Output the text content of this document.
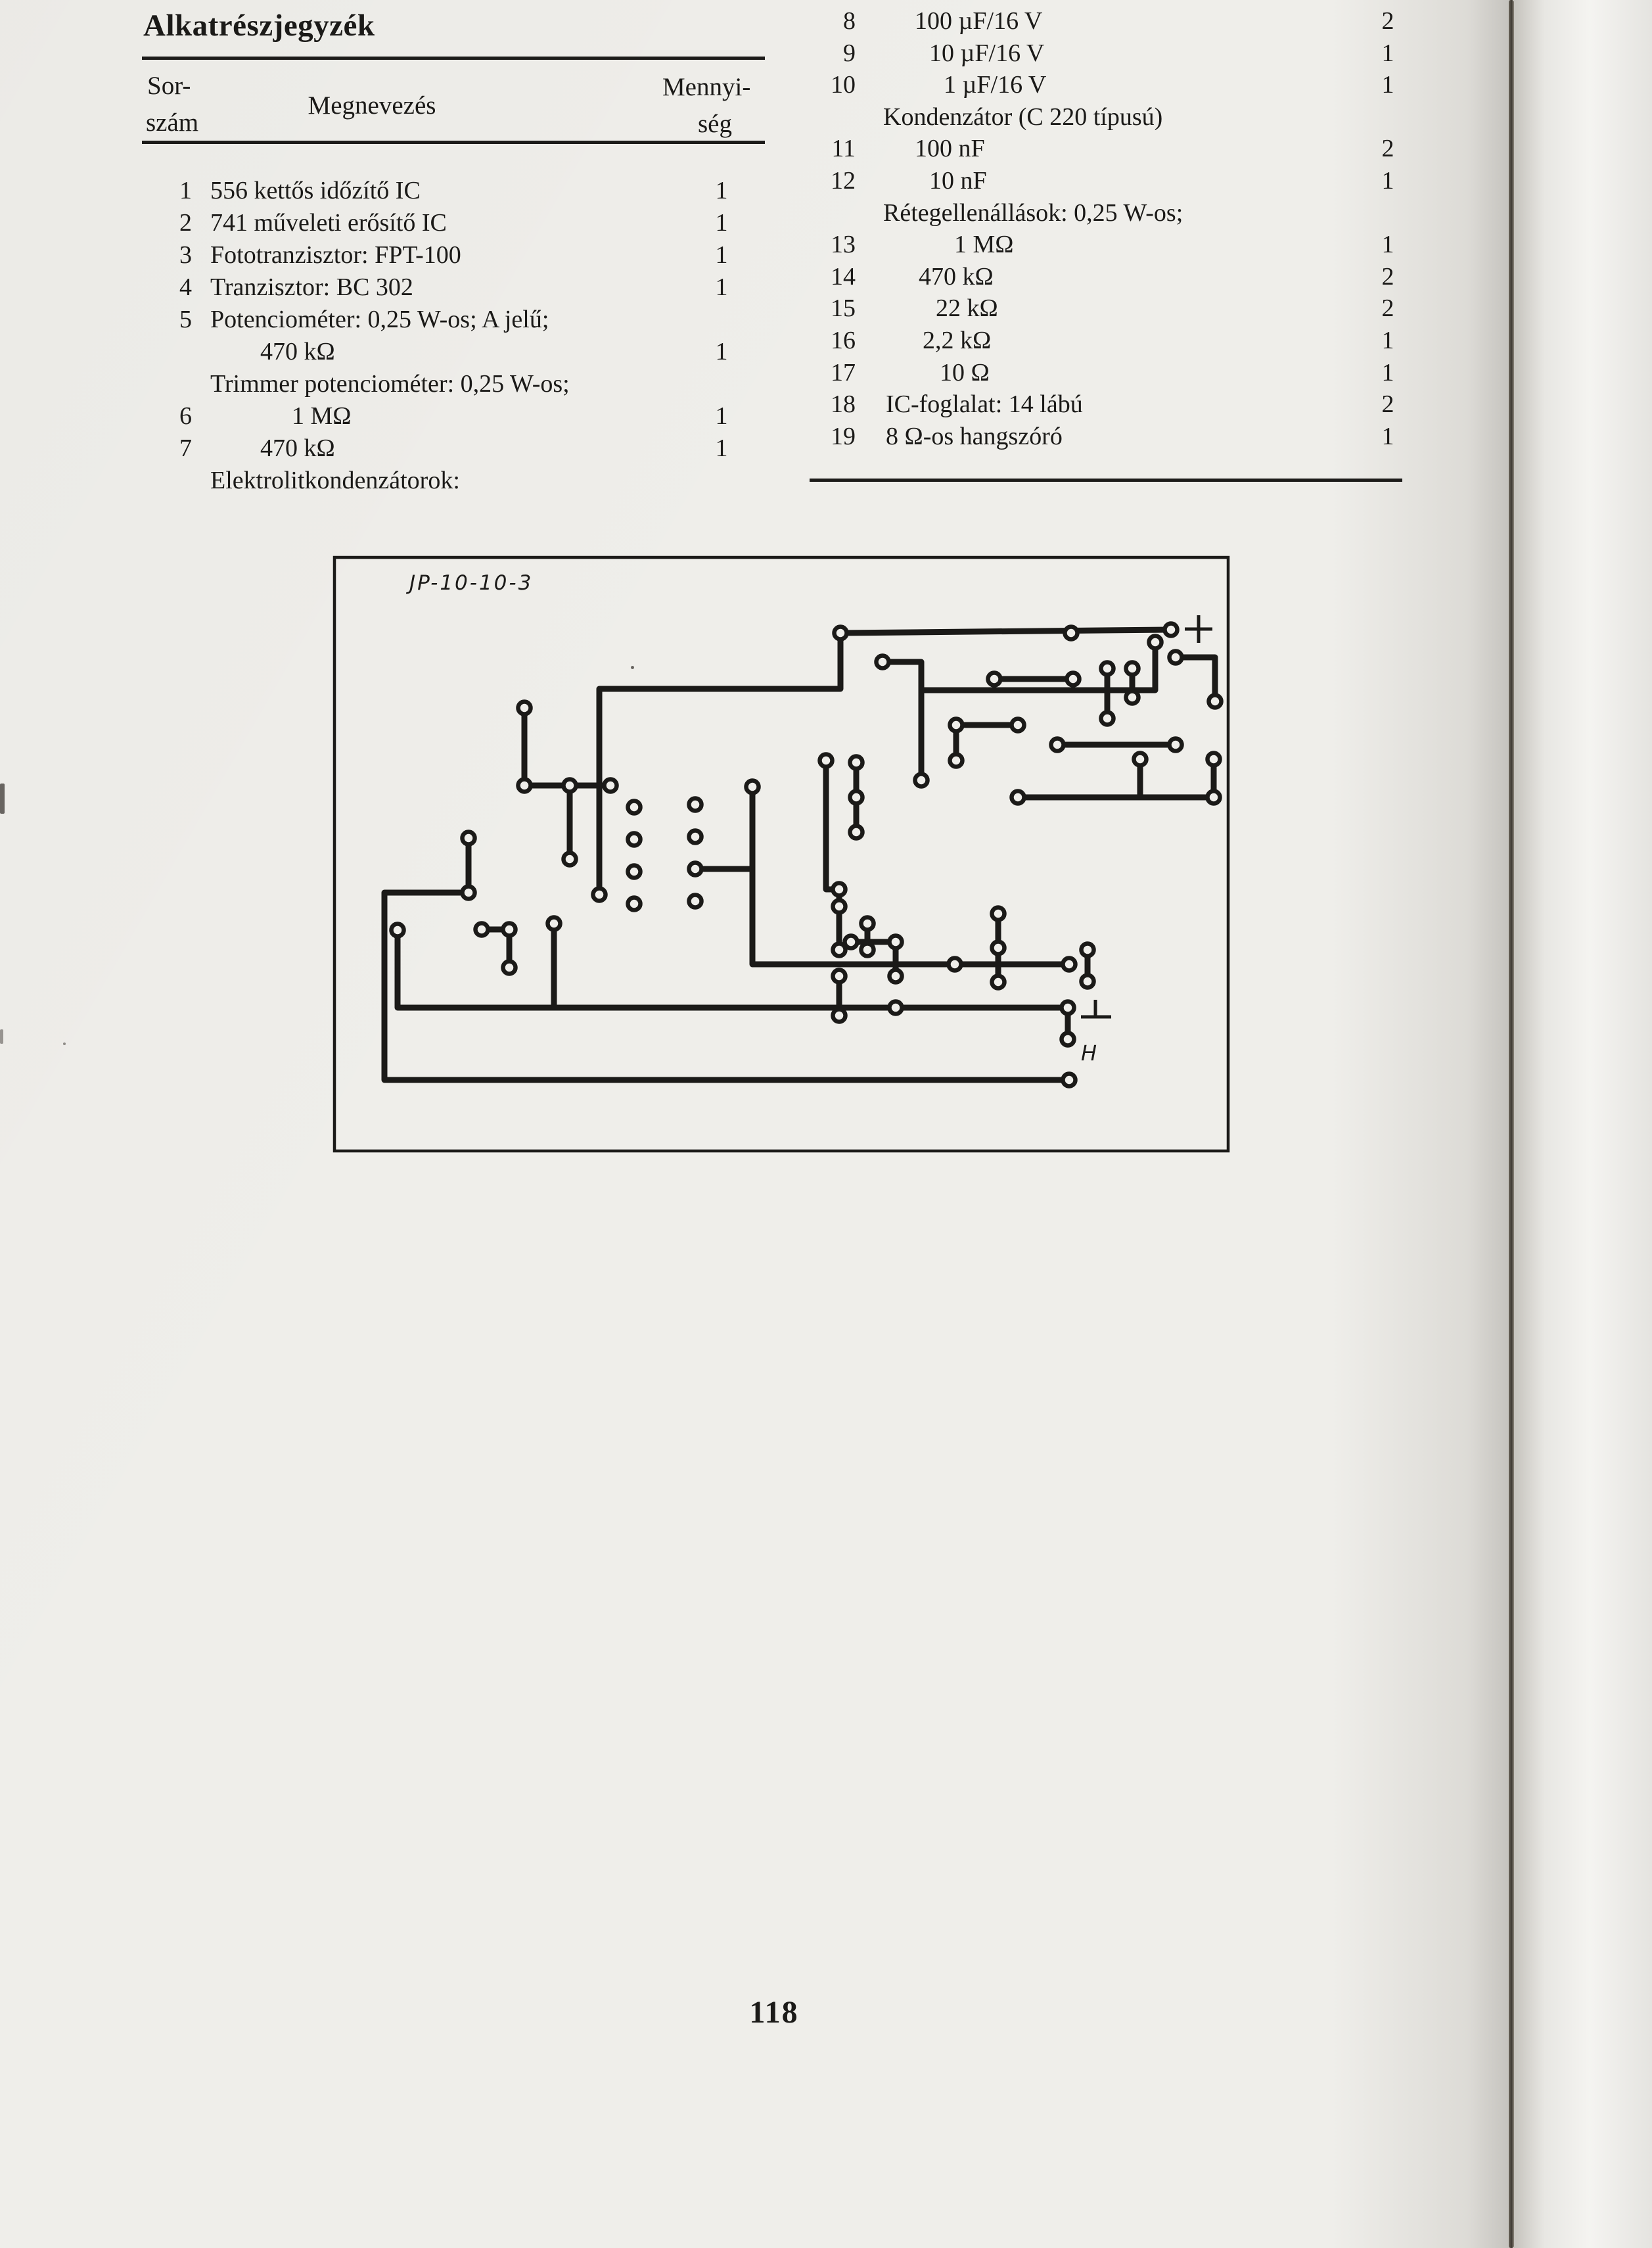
Alkatrészjegyzék
Sor-
szám
Megnevezés
Mennyi-
ség
1 556 kettős időzítő IC	1
2 741 műveleti erősítő IC	1
3 Fototranzisztor: FPT-100	1
4 Tranzisztor: BC 302	1
5 Potenciométer: 0,25 W-os; A jelű;
470 kΩ	1
Trimmer potenciométer: 0,25 W-os;
6	1 MΩ	1
7	470 kΩ	1
Elektrolitkondenzátorok:
8 100 µF/16 V	2
9	10 µF/16 V	1
10	1 µF/16 V	1
Kondenzátor (C 220 típusú)
11 100 nF	2
12	10 nF	1
Rétegellenállások: 0,25 W-os;
13	1 MΩ	1
14	470 kΩ	2
15	22 kΩ	2
16	2,2 kΩ	1
17	10 Ω	1
18 IC-foglalat: 14 lábú	2
19 8 Ω-os hangszóró	1
JP-10-10-3
H
118
